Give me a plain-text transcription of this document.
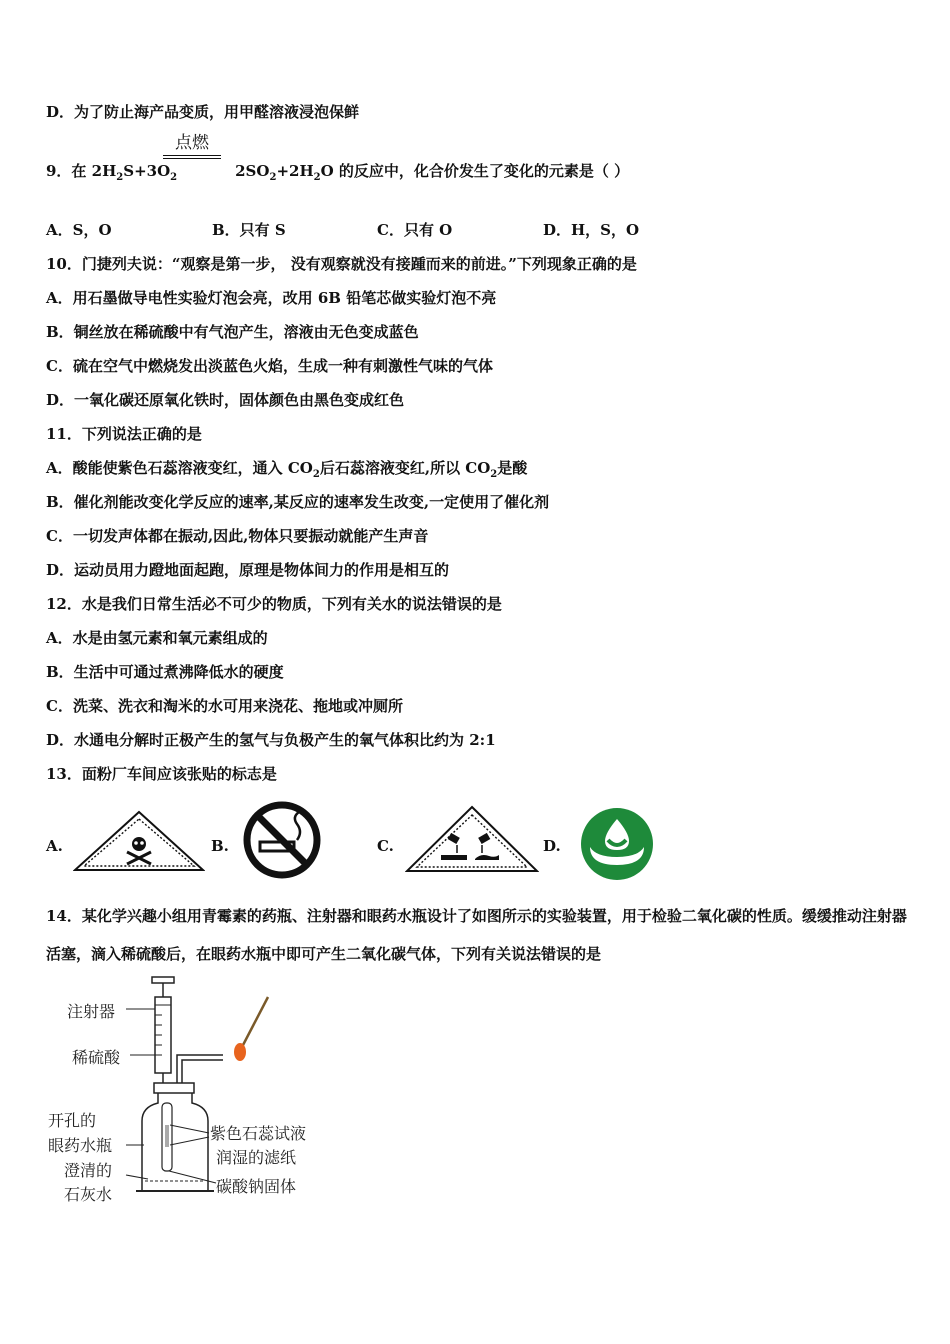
D．为了防止海产品变质，用甲醛溶液浸泡保鲜
点燃
9．在 $2H_2S+3O_2$	$2SO_2+2H_2O$ 的反应中，化合价发生了变化的元素是（ ）
A．S，O	B．只有 S	C．只有 O	D．H，S，O
10．门捷列夫说：“观察是第一步， 没有观察就没有接踵而来的前进。”下列现象正确的是
A．用石墨做导电性实验灯泡会亮，改用 6B 铅笔芯做实验灯泡不亮
B．铜丝放在稀硫酸中有气泡产生，溶液由无色变成蓝色
C．硫在空气中燃烧发出淡蓝色火焰，生成一种有刺激性气味的气体
D．一氧化碳还原氧化铁时，固体颜色由黑色变成红色
11．下列说法正确的是
A．酸能使紫色石蕊溶液变红，通入 $CO_2$后石蕊溶液变红,所以 $CO_2$是酸
B．催化剂能改变化学反应的速率,某反应的速率发生改变,一定使用了催化剂
C．一切发声体都在振动,因此,物体只要振动就能产生声音
D．运动员用力蹬地面起跑，原理是物体间力的作用是相互的
12．水是我们日常生活必不可少的物质，下列有关水的说法错误的是
A．水是由氢元素和氧元素组成的
B．生活中可通过煮沸降低水的硬度
C．洗菜、洗衣和淘米的水可用来浇花、拖地或冲厕所
D．水通电分解时正极产生的氢气与负极产生的氧气体积比约为 2:1
13．面粉厂车间应该张贴的标志是
A.	B.	C.	D.
14．某化学兴趣小组用青霉素的药瓶、注射器和眼药水瓶设计了如图所示的实验装置，用于检验二氧化碳的性质。缓缓推动注射器活塞，滴入稀硫酸后，在眼药水瓶中即可产生二氧化碳气体，下列有关说法错误的是
注射器
稀硫酸
开孔的
眼药水瓶
澄清的
石灰水
紫色石蕊试液
润湿的滤纸
碳酸钠固体
